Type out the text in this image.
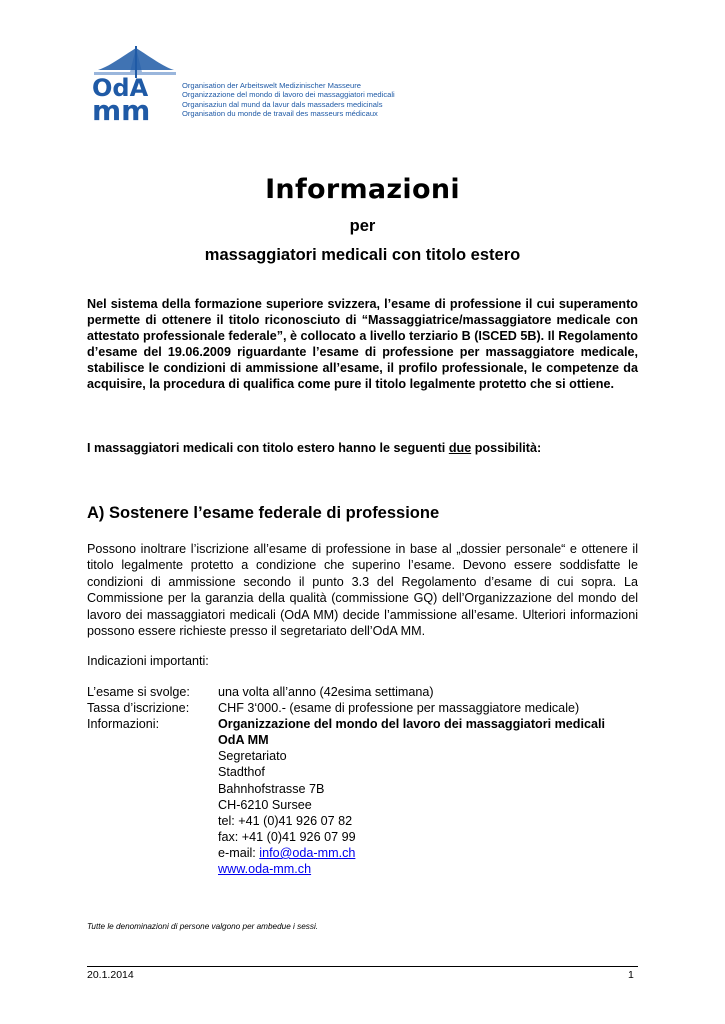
OdA
mm
Organisation der Arbeitswelt Medizinischer Masseure
Organizzazione del mondo di lavoro dei massaggiatori medicali
Organisaziun dal mund da lavur dals massaders medicinals
Organisation du monde de travail des masseurs médicaux
Informazioni
per
massaggiatori medicali con titolo estero
Nel sistema della formazione superiore svizzera, l’esame di professione il cui superamento permette di ottenere il titolo riconosciuto di “Massaggiatrice/massaggiatore medicale con attestato professionale federale”, è collocato a livello terziario B (ISCED 5B). Il Regolamento d’esame del 19.06.2009 riguardante l’esame di professione per massaggiatore medicale, stabilisce le condizioni di ammissione all’esame, il profilo professionale, le competenze da acquisire, la procedura di qualifica come pure il titolo legalmente protetto che si ottiene.
I massaggiatori medicali con titolo estero hanno le seguenti due possibilità:
A) Sostenere l’esame federale di professione
Possono inoltrare l’iscrizione all’esame di professione in base al „dossier personale“ e ottenere il titolo legalmente protetto a condizione che superino l’esame. Devono essere soddisfatte le condizioni di ammissione secondo il punto 3.3 del Regolamento d’esame di cui sopra. La Commissione per la garanzia della qualità (commissione GQ) dell’Organizzazione del mondo del lavoro dei massaggiatori medicali (OdA MM) decide l’ammissione all’esame. Ulteriori informazioni possono essere richieste presso il segretariato dell’OdA MM.
Indicazioni importanti:
L’esame si svolge:	una volta all’anno (42esima settimana)
Tassa d’iscrizione:	CHF 3‘000.- (esame di professione per massaggiatore medicale)
Informazioni:	Organizzazione del mondo del lavoro dei massaggiatori medicali
OdA MM
Segretariato
Stadthof
Bahnhofstrasse 7B
CH-6210 Sursee
tel: +41 (0)41 926 07 82
fax: +41 (0)41 926 07 99
e-mail: info@oda-mm.ch
www.oda-mm.ch
Tutte le denominazioni di persone valgono per ambedue i sessi.
20.1.2014	1
